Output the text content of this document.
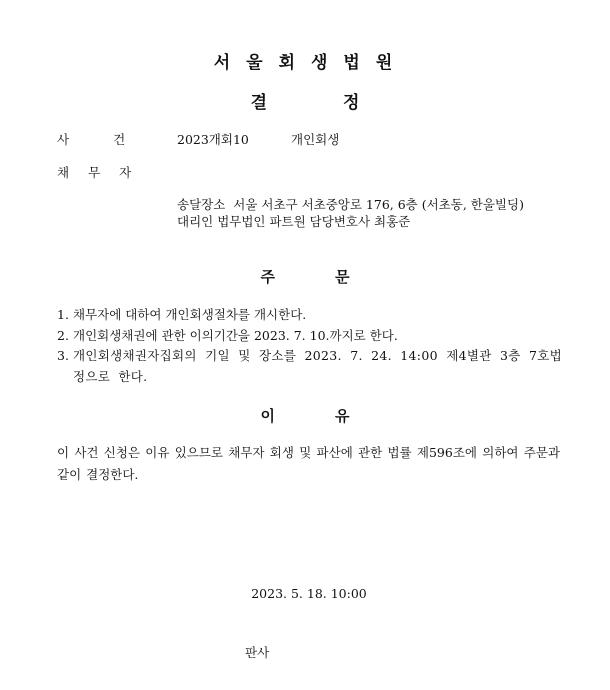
서울회생법원
결정
사건 2023개회10	개인회생
채무자
송달장소  서울 서초구 서초중앙로 176, 6층 (서초동, 한울빌딩)
대리인 법무법인 파트원 담당변호사 최홍준
주문
1. 채무자에 대하여 개인회생절차를 개시한다.
2. 개인회생채권에 관한 이의기간을 2023. 7. 10.까지로 한다.
3. 개인회생채권자집회의 기일 및 장소를 2023. 7. 24. 14:00 제4별관 3층 7호법정으로 한다.
이유

이 사건 신청은 이유 있으므로 채무자 회생 및 파산에 관한 법률 제596조에 의하여 주문과 같이 결정한다.

2023. 5. 18. 10:00
판사
